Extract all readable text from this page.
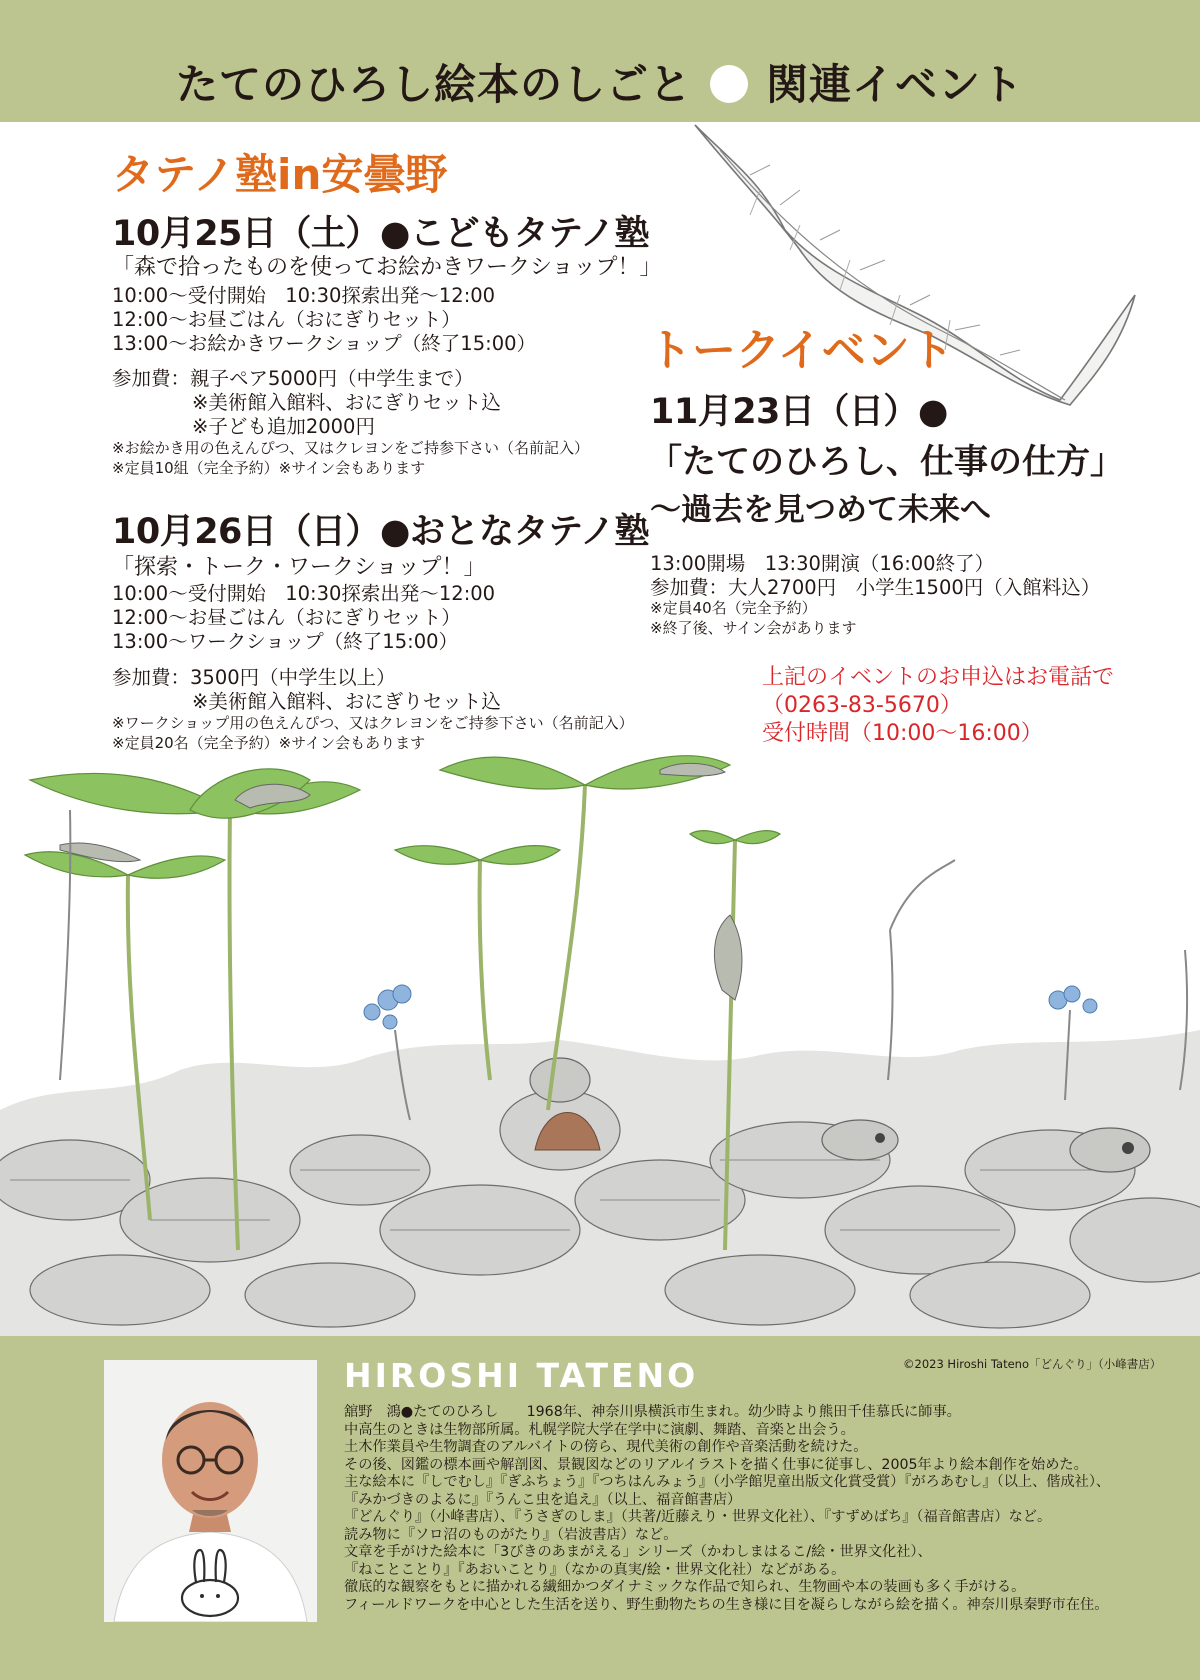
たてのひろし絵本のしごと 関連イベント
タテノ塾in安曇野
10月25日（土）●こどもタテノ塾
「森で拾ったものを使ってお絵かきワークショップ！」
10:00～受付開始　10:30探索出発～12:00
12:00～お昼ごはん（おにぎりセット）
13:00～お絵かきワークショップ（終了15:00）
参加費：親子ペア5000円（中学生まで）
※美術館入館料、おにぎりセット込
※子ども追加2000円
※お絵かき用の色えんぴつ、又はクレヨンをご持参下さい（名前記入）
※定員10組（完全予約）※サイン会もあります
10月26日（日）●おとなタテノ塾
「探索・トーク・ワークショップ！」
10:00～受付開始　10:30探索出発～12:00
12:00～お昼ごはん（おにぎりセット）
13:00～ワークショップ（終了15:00）
参加費：3500円（中学生以上）
※美術館入館料、おにぎりセット込
※ワークショップ用の色えんぴつ、又はクレヨンをご持参下さい（名前記入）
※定員20名（完全予約）※サイン会もあります
トークイベント
11月23日（日）●
「たてのひろし、仕事の仕方」
～過去を見つめて未来へ
13:00開場　13:30開演（16:00終了）
参加費：大人2700円　小学生1500円（入館料込）
※定員40名（完全予約）
※終了後、サイン会があります
上記のイベントのお申込はお電話で
（0263-83-5670）
受付時間（10:00～16:00）
©2023 Hiroshi Tateno「どんぐり」（小峰書店）
HIROSHI TATENO
舘野　鴻●たてのひろし　　1968年、神奈川県横浜市生まれ。幼少時より熊田千佳慕氏に師事。
中高生のときは生物部所属。札幌学院大学在学中に演劇、舞踏、音楽と出会う。
土木作業員や生物調査のアルバイトの傍ら、現代美術の創作や音楽活動を続けた。
その後、図鑑の標本画や解剖図、景観図などのリアルイラストを描く仕事に従事し、2005年より絵本創作を始めた。
主な絵本に『しでむし』『ぎふちょう』『つちはんみょう』（小学館児童出版文化賞受賞）『がろあむし』（以上、偕成社）、
『みかづきのよるに』『うんこ虫を追え』（以上、福音館書店）
『どんぐり』（小峰書店）、『うさぎのしま』（共著/近藤えり・世界文化社）、『すずめばち』（福音館書店）など。
読み物に『ソロ沼のものがたり』（岩波書店）など。
文章を手がけた絵本に「3びきのあまがえる」シリーズ（かわしまはるこ/絵・世界文化社）、
『ねことことり』『あおいことり』（なかの真実/絵・世界文化社）などがある。
徹底的な観察をもとに描かれる繊細かつダイナミックな作品で知られ、生物画や本の装画も多く手がける。
フィールドワークを中心とした生活を送り、野生動物たちの生き様に目を凝らしながら絵を描く。神奈川県秦野市在住。
